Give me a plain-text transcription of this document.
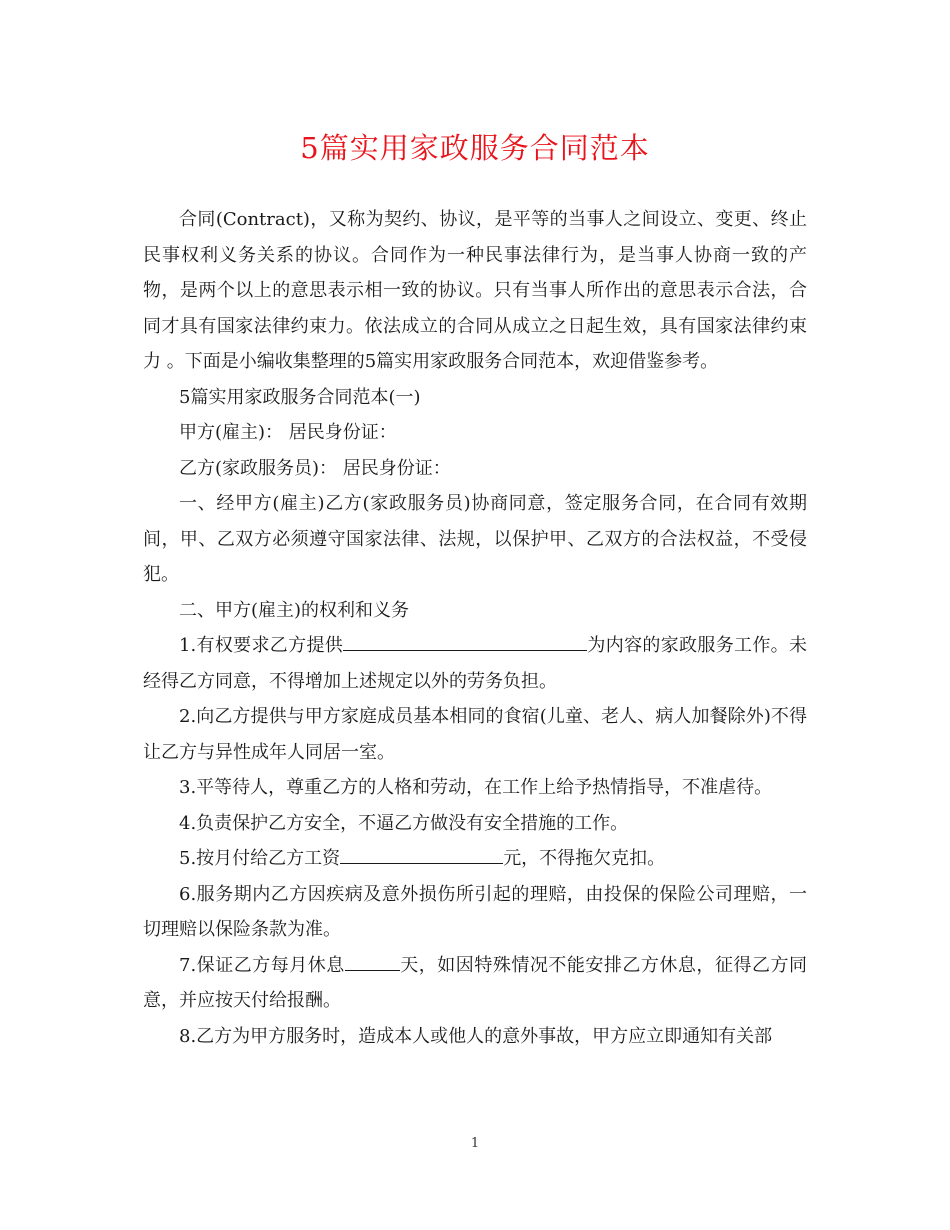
5篇实用家政服务合同范本

合同(Contract)，又称为契约、协议，是平等的当事人之间设立、变更、终止民事权利义务关系的协议。合同作为一种民事法律行为，是当事人协商一致的产物，是两个以上的意思表示相一致的协议。只有当事人所作出的意思表示合法，合同才具有国家法律约束力。依法成立的合同从成立之日起生效，具有国家法律约束力 。下面是小编收集整理的5篇实用家政服务合同范本，欢迎借鉴参考。

5篇实用家政服务合同范本(一)

甲方(雇主)： 居民身份证：

乙方(家政服务员)： 居民身份证：

一、经甲方(雇主)乙方(家政服务员)协商同意，签定服务合同，在合同有效期间，甲、乙双方必须遵守国家法律、法规，以保护甲、乙双方的合法权益，不受侵犯。

二、甲方(雇主)的权利和义务

1.有权要求乙方提供	为内容的家政服务工作。未经得乙方同意，不得增加上述规定以外的劳务负担。

2.向乙方提供与甲方家庭成员基本相同的食宿(儿童、老人、病人加餐除外)不得让乙方与异性成年人同居一室。

3.平等待人，尊重乙方的人格和劳动，在工作上给予热情指导，不准虐待。

4.负责保护乙方安全，不逼乙方做没有安全措施的工作。

5.按月付给乙方工资	元，不得拖欠克扣。

6.服务期内乙方因疾病及意外损伤所引起的理赔，由投保的保险公司理赔，一切理赔以保险条款为准。

7.保证乙方每月休息	天，如因特殊情况不能安排乙方休息，征得乙方同意，并应按天付给报酬。

8.乙方为甲方服务时，造成本人或他人的意外事故，甲方应立即通知有关部

1
